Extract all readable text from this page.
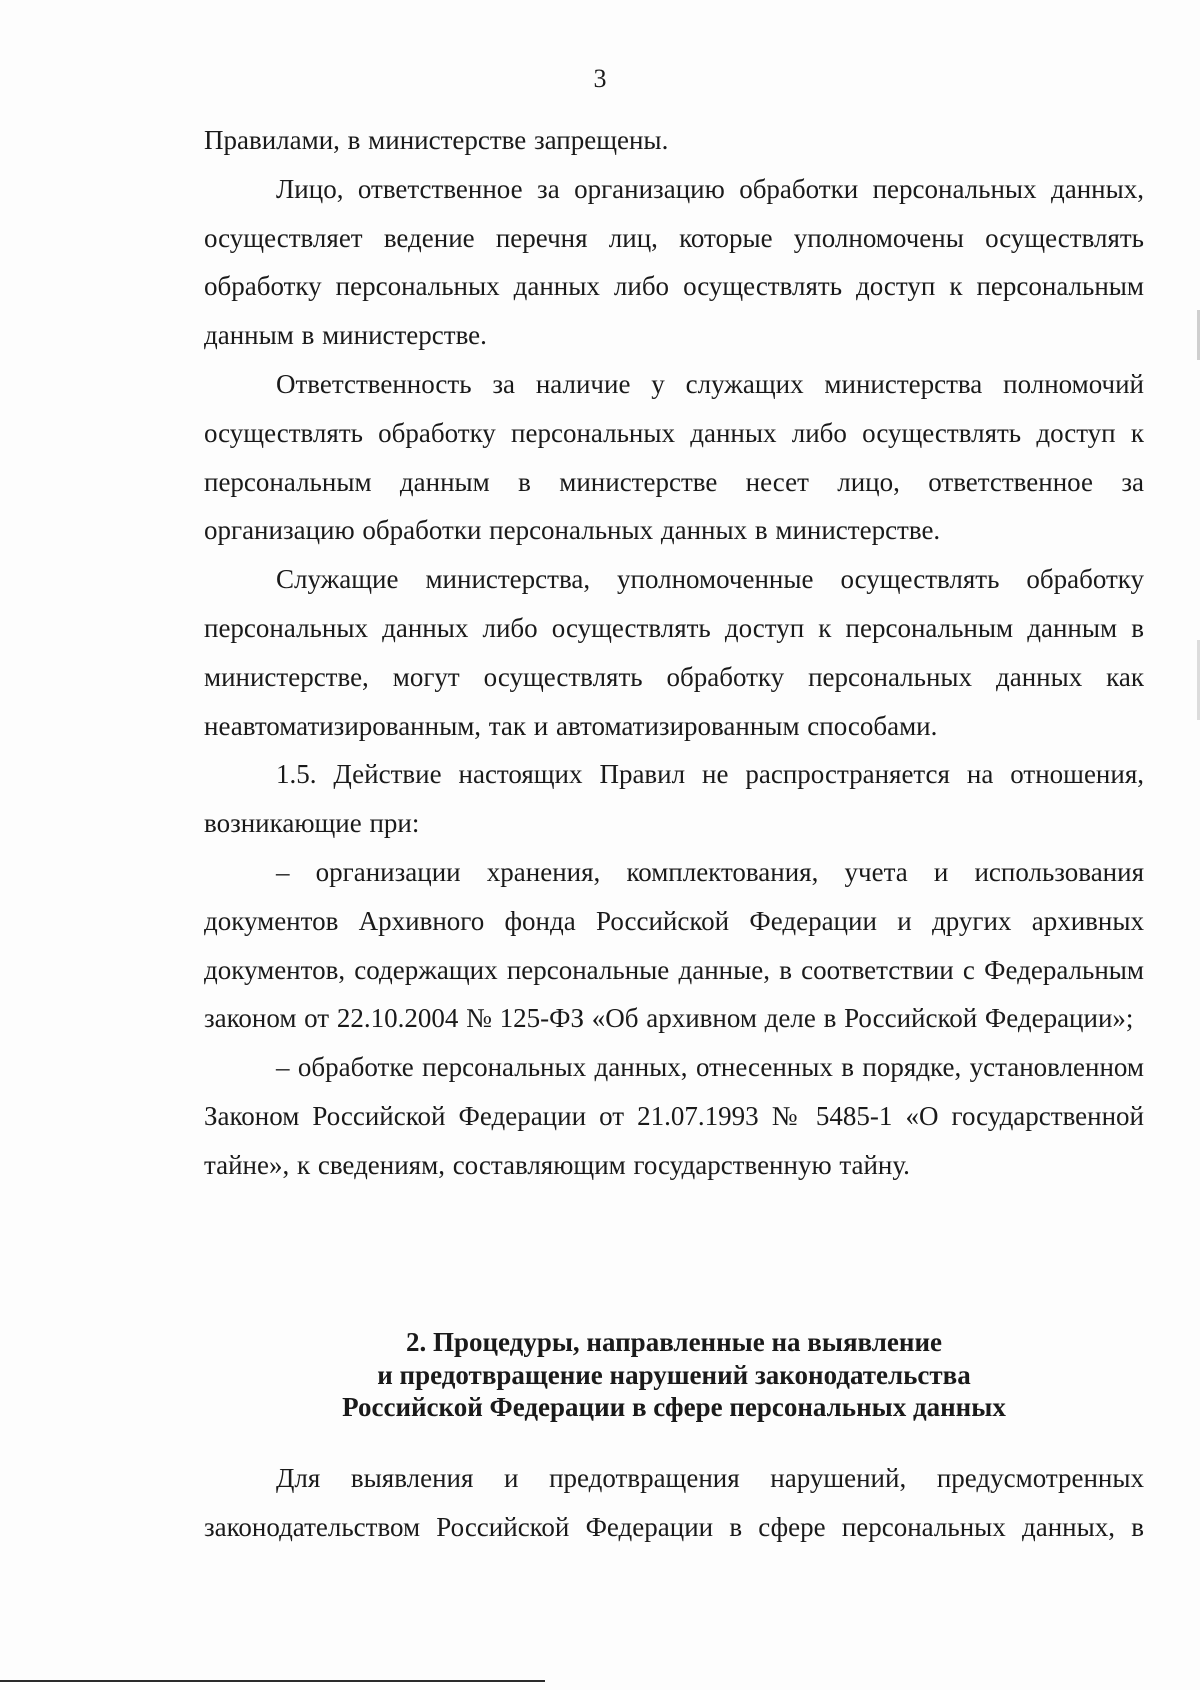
3

Правилами, в министерстве запрещены.

Лицо, ответственное за организацию обработки персональных данных, осуществляет ведение перечня лиц, которые уполномочены осуществлять обработку персональных данных либо осуществлять доступ к персональным данным в министерстве.

Ответственность за наличие у служащих министерства полномочий осуществлять обработку персональных данных либо осуществлять доступ к персональным данным в министерстве несет лицо, ответственное за организацию обработки персональных данных в министерстве.

Служащие министерства, уполномоченные осуществлять обработку персональных данных либо осуществлять доступ к персональным данным в министерстве, могут осуществлять обработку персональных данных как неавтоматизированным, так и автоматизированным способами.

1.5. Действие настоящих Правил не распространяется на отношения, возникающие при:

– организации хранения, комплектования, учета и использования документов Архивного фонда Российской Федерации и других архивных документов, содержащих персональные данные, в соответствии с Федеральным законом от 22.10.2004 № 125-ФЗ «Об архивном деле в Российской Федерации»;

– обработке персональных данных, отнесенных в порядке, установленном Законом Российской Федерации от 21.07.1993 № 5485-1 «О государственной тайне», к сведениям, составляющим государственную тайну.

2. Процедуры, направленные на выявление
и предотвращение нарушений законодательства
Российской Федерации в сфере персональных данных

Для выявления и предотвращения нарушений, предусмотренных законодательством Российской Федерации в сфере персональных данных, в
